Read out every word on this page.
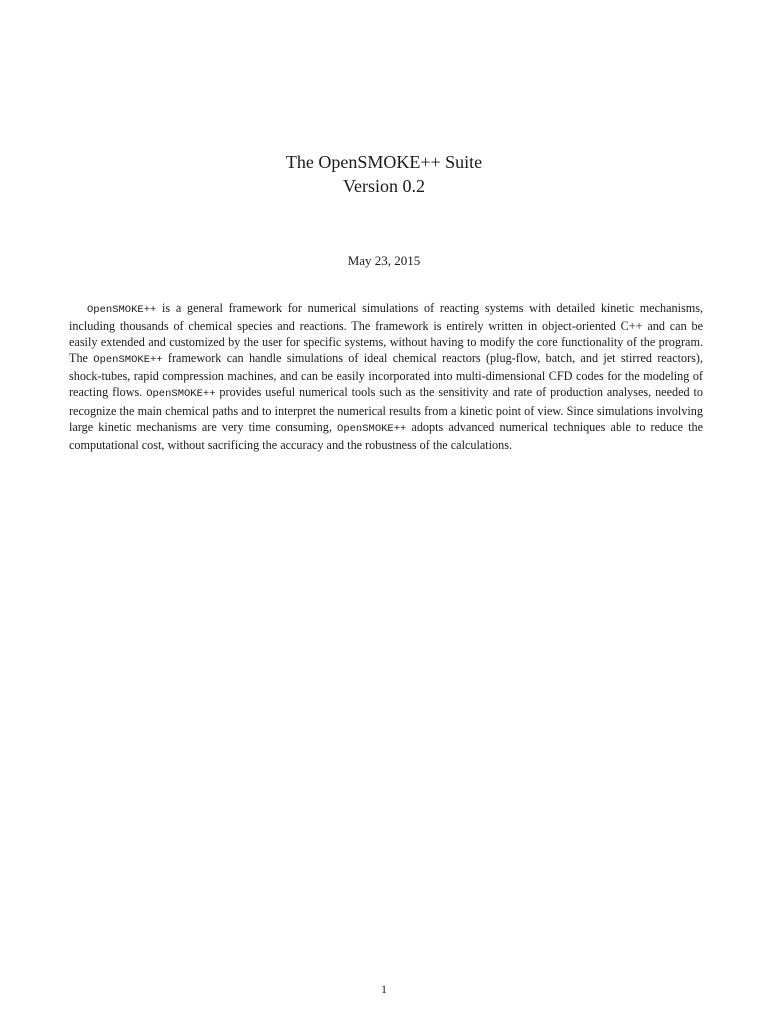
The OpenSMOKE++ Suite
Version 0.2
May 23, 2015

OpenSMOKE++ is a general framework for numerical simulations of reacting systems with detailed kinetic mechanisms, including thousands of chemical species and reactions. The framework is entirely written in object-oriented C++ and can be easily extended and customized by the user for specific systems, without having to modify the core functionality of the program. The OpenSMOKE++ framework can handle simulations of ideal chemical reactors (plug-flow, batch, and jet stirred reactors), shock-tubes, rapid compression machines, and can be easily incorporated into multi-dimensional CFD codes for the modeling of reacting flows. OpenSMOKE++ provides useful numerical tools such as the sensitivity and rate of production analyses, needed to recognize the main chemical paths and to interpret the numerical results from a kinetic point of view. Since simulations involving large kinetic mechanisms are very time consuming, OpenSMOKE++ adopts advanced numerical techniques able to reduce the computational cost, without sacrificing the accuracy and the robustness of the calculations.

1
